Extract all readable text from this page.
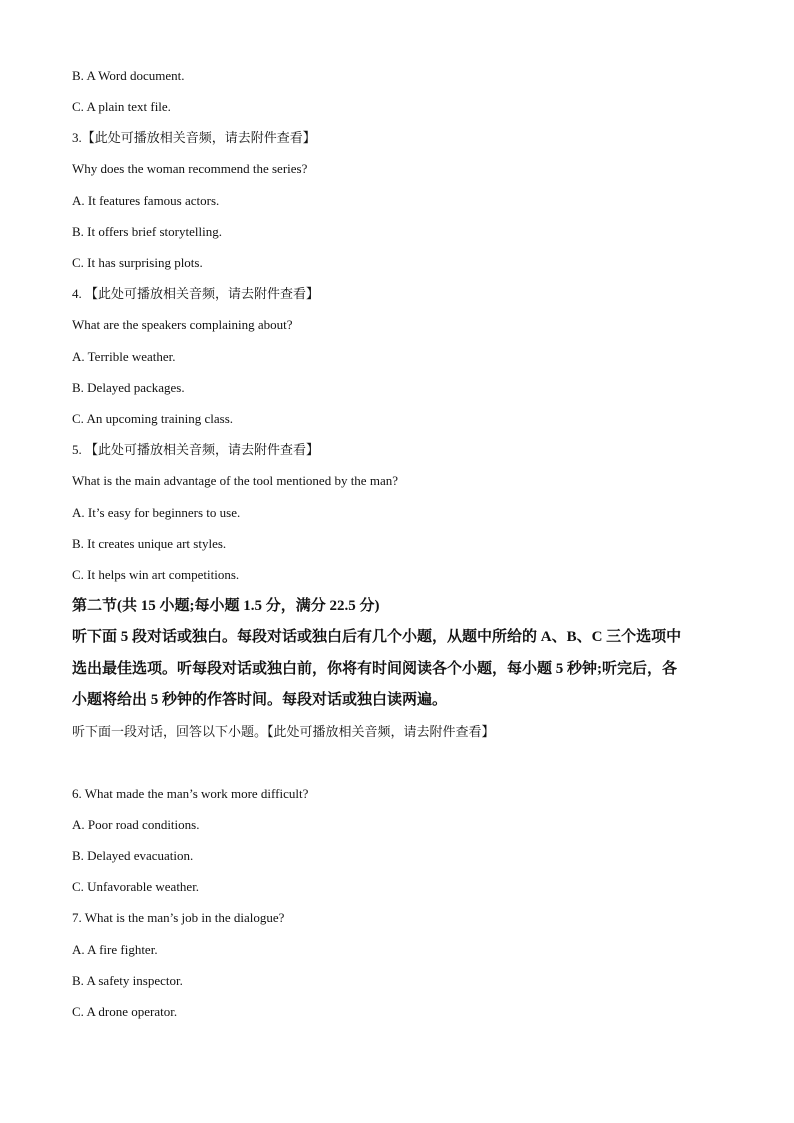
B. A Word document.
C. A plain text file.
3.【此处可播放相关音频，请去附件查看】
Why does the woman recommend the series?
A. It features famous actors.
B. It offers brief storytelling.
C. It has surprising plots.
4. 【此处可播放相关音频，请去附件查看】
What are the speakers complaining about?
A. Terrible weather.
B. Delayed packages.
C. An upcoming training class.
5. 【此处可播放相关音频，请去附件查看】
What is the main advantage of the tool mentioned by the man?
A. It’s easy for beginners to use.
B. It creates unique art styles.
C. It helps win art competitions.
第二节(共 15 小题;每小题 1.5 分，满分 22.5 分)
听下面 5 段对话或独白。每段对话或独白后有几个小题，从题中所给的 A、B、C 三个选项中
选出最佳选项。听每段对话或独白前，你将有时间阅读各个小题，每小题 5 秒钟;听完后，各
小题将给出 5 秒钟的作答时间。每段对话或独白读两遍。
听下面一段对话，回答以下小题。【此处可播放相关音频，请去附件查看】
6. What made the man’s work more difficult?
A. Poor road conditions.
B. Delayed evacuation.
C. Unfavorable weather.
7. What is the man’s job in the dialogue?
A. A fire fighter.
B. A safety inspector.
C. A drone operator.
